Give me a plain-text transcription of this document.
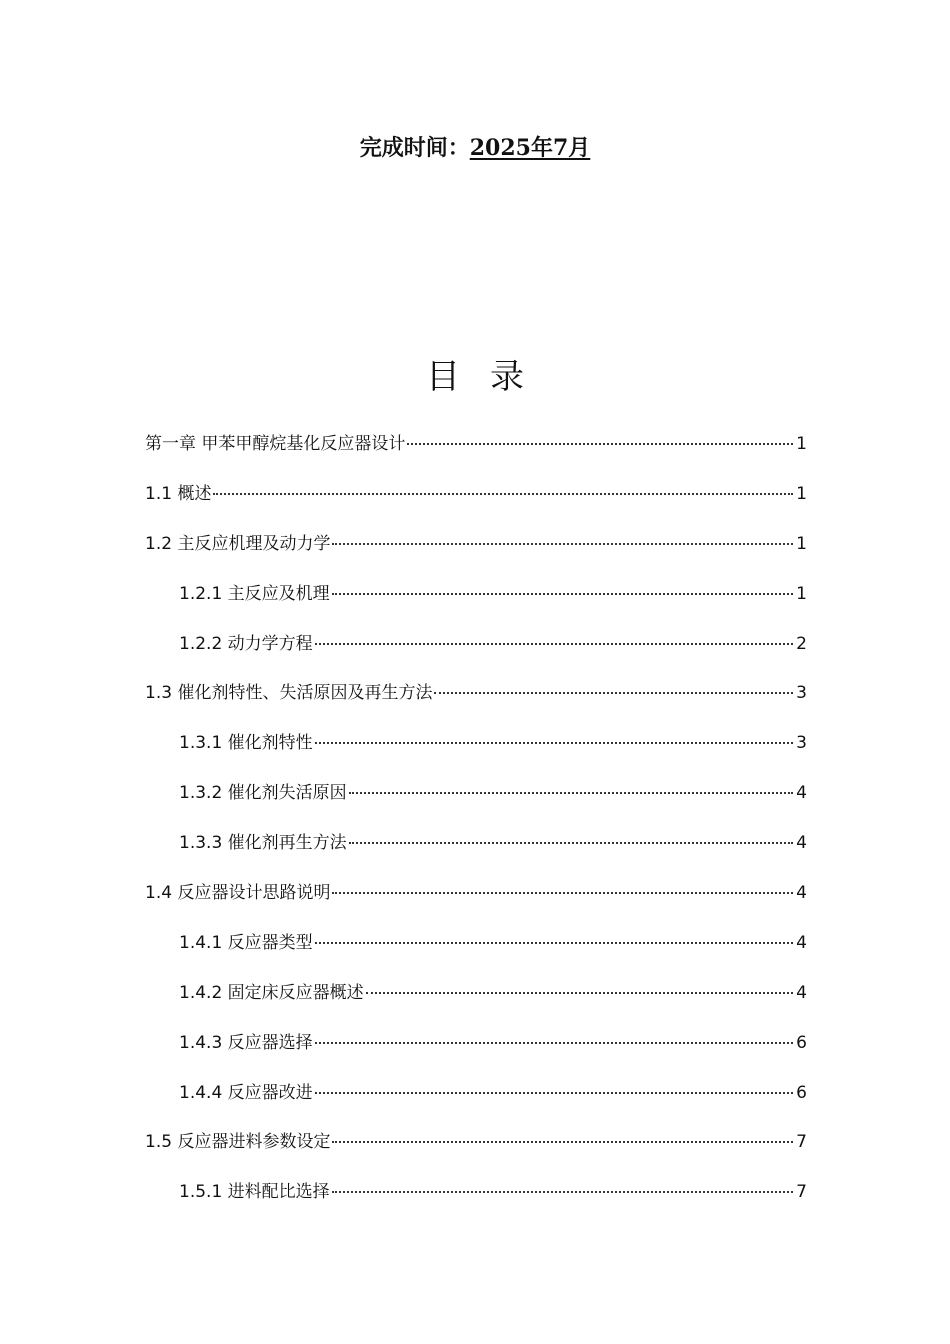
完成时间：2025年7月
目录
第一章 甲苯甲醇烷基化反应器设计	1
1.1 概述	1
1.2 主反应机理及动力学	1
1.2.1 主反应及机理	1
1.2.2 动力学方程	2
1.3 催化剂特性、失活原因及再生方法	3
1.3.1 催化剂特性	3
1.3.2 催化剂失活原因	4
1.3.3 催化剂再生方法	4
1.4 反应器设计思路说明	4
1.4.1 反应器类型	4
1.4.2 固定床反应器概述	4
1.4.3 反应器选择	6
1.4.4 反应器改进	6
1.5 反应器进料参数设定	7
1.5.1 进料配比选择	7
